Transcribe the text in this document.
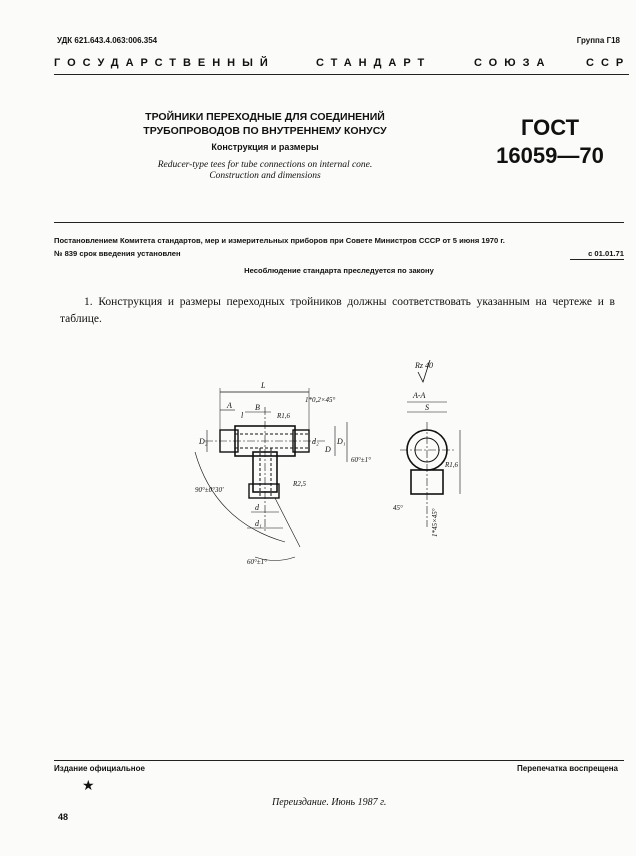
УДК 621.643.4.063:006.354	Группа Г18
ГОСУДАРСТВЕННЫЙ	СТАНДАРТ	СОЮЗА	ССР
ТРОЙНИКИ ПЕРЕХОДНЫЕ ДЛЯ СОЕДИНЕНИЙ
ТРУБОПРОВОДОВ ПО ВНУТРЕННЕМУ КОНУСУ
Конструкция и размеры
Reducer-type tees for tube connections on internal cone.
Construction and dimensions
ГОСТ
16059—70
Постановлением Комитета стандартов, мер и измерительных приборов при Совете Министров СССР от 5 июня 1970 г.
№ 839 срок введения установлен	с 01.01.71
Несоблюдение стандарта преследуется по закону
1. Конструкция и размеры переходных тройников должны соответствовать указанным на чертеже и в таблице.
L
A	B
l	R1,6
1*0,2×45°
D₂	d₂
D
D₁
60°±1°
R2,5
90°±0°30'
d
d₁
60°±1°
Rz 40
А-А
S
R1,6
45°
1*45×45°
Издание официальное	Перепечатка воспрещена
★
Переиздание. Июнь 1987 г.
48
